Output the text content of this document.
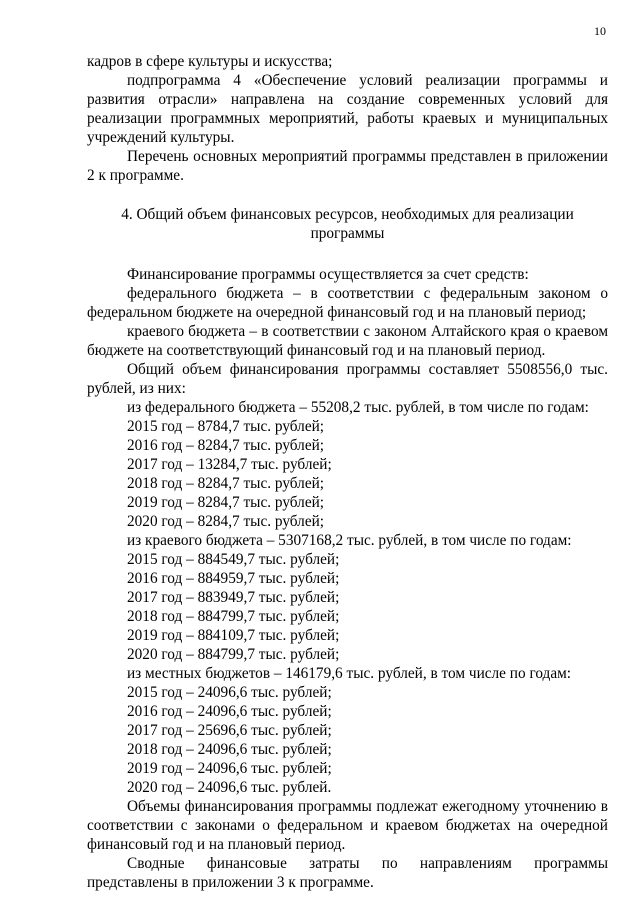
10

кадров в сфере культуры и искусства;

подпрограмма 4 «Обеспечение условий реализации программы и развития отрасли» направлена на создание современных условий для реализации программных мероприятий, работы краевых и муниципальных учреждений культуры.

Перечень основных мероприятий программы представлен в приложении 2 к программе.

4. Общий объем финансовых ресурсов, необходимых для реализации
программы

Финансирование программы осуществляется за счет средств:

федерального бюджета – в соответствии с федеральным законом о федеральном бюджете на очередной финансовый год и на плановый период;

краевого бюджета – в соответствии с законом Алтайского края о краевом бюджете на соответствующий финансовый год и на плановый период.

Общий объем финансирования программы составляет 5508556,0 тыс. рублей, из них:

из федерального бюджета – 55208,2 тыс. рублей, в том числе по годам:
2015 год – 8784,7 тыс. рублей;
2016 год – 8284,7 тыс. рублей;
2017 год – 13284,7 тыс. рублей;
2018 год – 8284,7 тыс. рублей;
2019 год – 8284,7 тыс. рублей;
2020 год – 8284,7 тыс. рублей;
из краевого бюджета – 5307168,2 тыс. рублей, в том числе по годам:
2015 год – 884549,7 тыс. рублей;
2016 год – 884959,7 тыс. рублей;
2017 год – 883949,7 тыс. рублей;
2018 год – 884799,7 тыс. рублей;
2019 год – 884109,7 тыс. рублей;
2020 год – 884799,7 тыс. рублей;
из местных бюджетов – 146179,6 тыс. рублей, в том числе по годам:
2015 год – 24096,6 тыс. рублей;
2016 год – 24096,6 тыс. рублей;
2017 год – 25696,6 тыс. рублей;
2018 год – 24096,6 тыс. рублей;
2019 год – 24096,6 тыс. рублей;
2020 год – 24096,6 тыс. рублей.

Объемы финансирования программы подлежат ежегодному уточнению в соответствии с законами о федеральном и краевом бюджетах на очередной финансовый год и на плановый период.

Сводные финансовые затраты по направлениям программы представлены в приложении 3 к программе.
